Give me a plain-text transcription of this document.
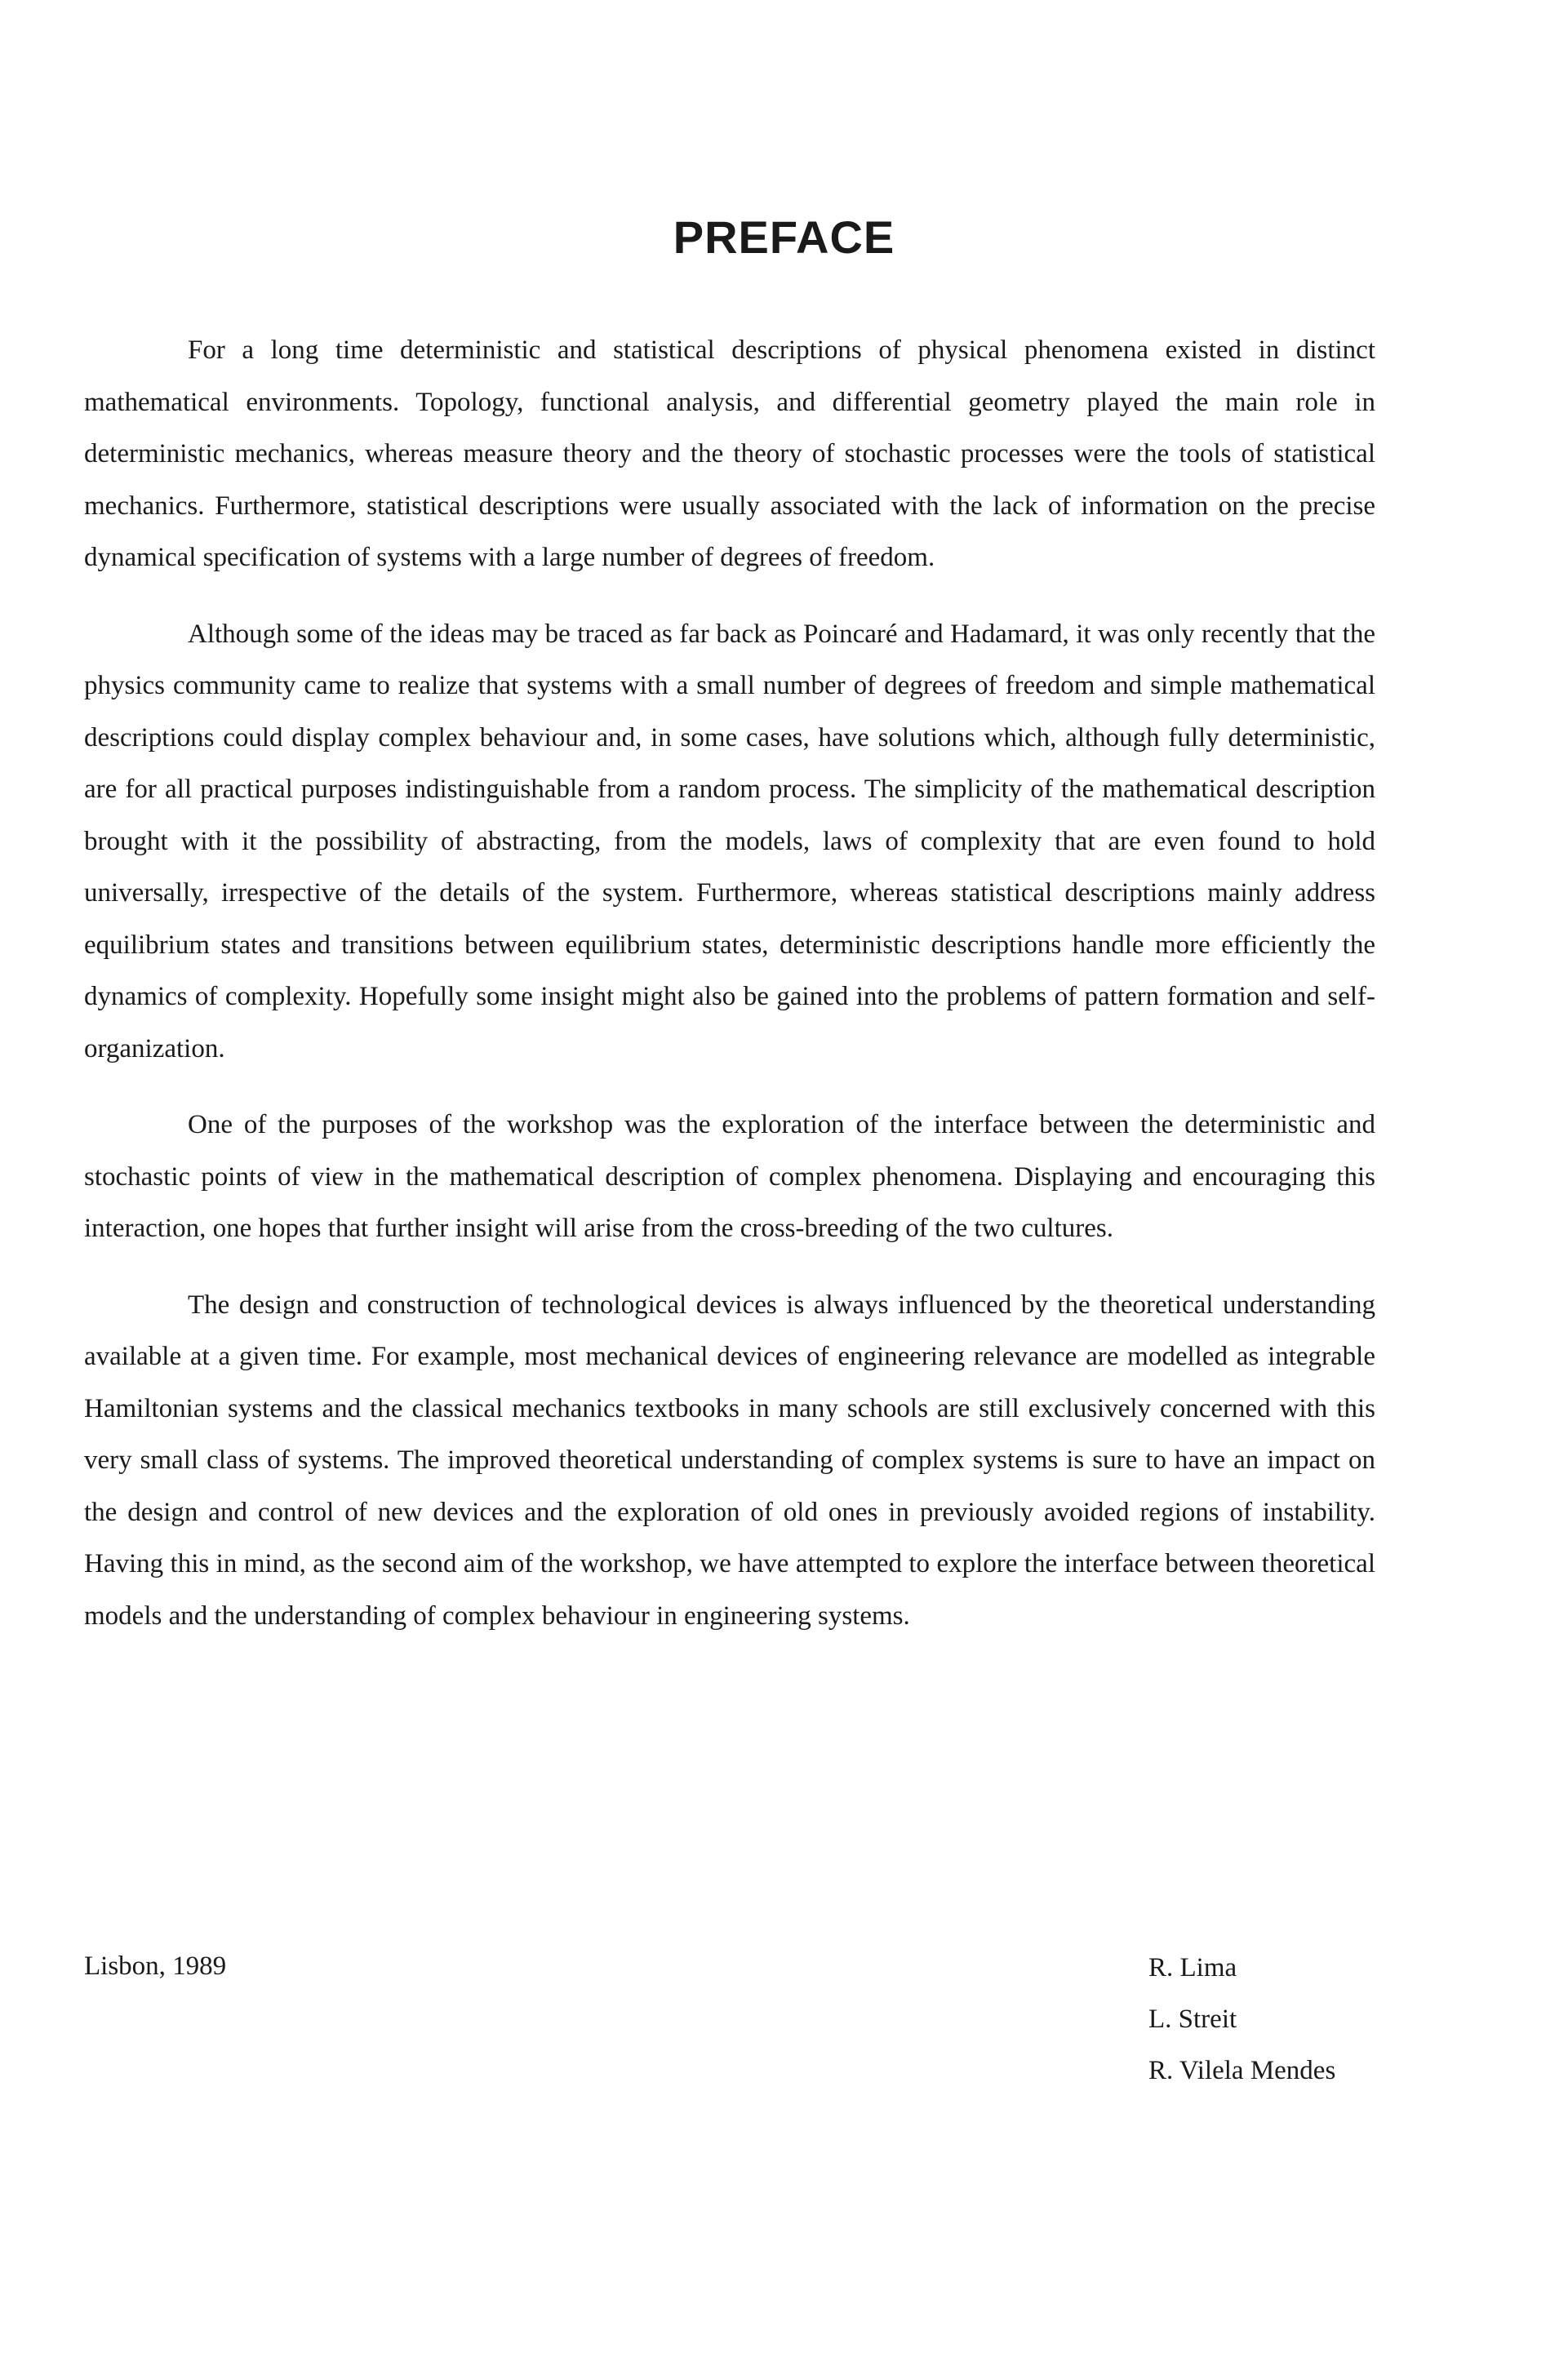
PREFACE

For a long time deterministic and statistical descriptions of physical phenomena existed in distinct mathematical environments. Topology, functional analysis, and differential geometry played the main role in deterministic mechanics, whereas measure theory and the theory of stochastic processes were the tools of statistical mechanics. Furthermore, statistical descriptions were usually associated with the lack of information on the precise dynamical specification of systems with a large number of degrees of freedom.

Although some of the ideas may be traced as far back as Poincaré and Hadamard, it was only recently that the physics community came to realize that systems with a small number of degrees of freedom and simple mathematical descriptions could display complex behaviour and, in some cases, have solutions which, although fully deterministic, are for all practical purposes indistinguishable from a random process. The simplicity of the mathematical description brought with it the possibility of abstracting, from the models, laws of complexity that are even found to hold universally, irrespective of the details of the system. Furthermore, whereas statistical descriptions mainly address equilibrium states and transitions between equilibrium states, deterministic descriptions handle more efficiently the dynamics of complexity. Hopefully some insight might also be gained into the problems of pattern formation and self-organization.

One of the purposes of the workshop was the exploration of the interface between the deterministic and stochastic points of view in the mathematical description of complex phenomena. Displaying and encouraging this interaction, one hopes that further insight will arise from the cross-breeding of the two cultures.

The design and construction of technological devices is always influenced by the theoretical understanding available at a given time. For example, most mechanical devices of engineering relevance are modelled as integrable Hamiltonian systems and the classical mechanics textbooks in many schools are still exclusively concerned with this very small class of systems. The improved theoretical understanding of complex systems is sure to have an impact on the design and control of new devices and the exploration of old ones in previously avoided regions of instability. Having this in mind, as the second aim of the workshop, we have attempted to explore the interface between theoretical models and the understanding of complex behaviour in engineering systems.

Lisbon, 1989	R. Lima
L. Streit
R. Vilela Mendes
